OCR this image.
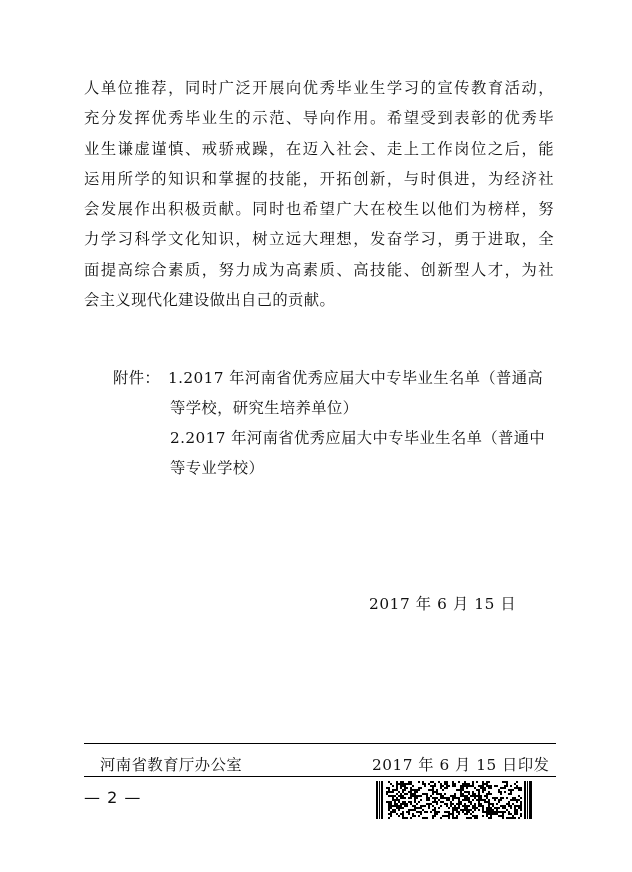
人单位推荐，同时广泛开展向优秀毕业生学习的宣传教育活动，
充分发挥优秀毕业生的示范、导向作用。希望受到表彰的优秀毕
业生谦虚谨慎、戒骄戒躁，在迈入社会、走上工作岗位之后，能
运用所学的知识和掌握的技能，开拓创新，与时俱进，为经济社
会发展作出积极贡献。同时也希望广大在校生以他们为榜样，努
力学习科学文化知识，树立远大理想，发奋学习，勇于进取，全
面提高综合素质，努力成为高素质、高技能、创新型人才，为社
会主义现代化建设做出自己的贡献。
附件： 1.2017 年河南省优秀应届大中专毕业生名单（普通高
等学校，研究生培养单位）
2.2017 年河南省优秀应届大中专毕业生名单（普通中
等专业学校）
2017 年 6 月 15 日
河南省教育厅办公室	2017 年 6 月 15 日印发
— 2 —
